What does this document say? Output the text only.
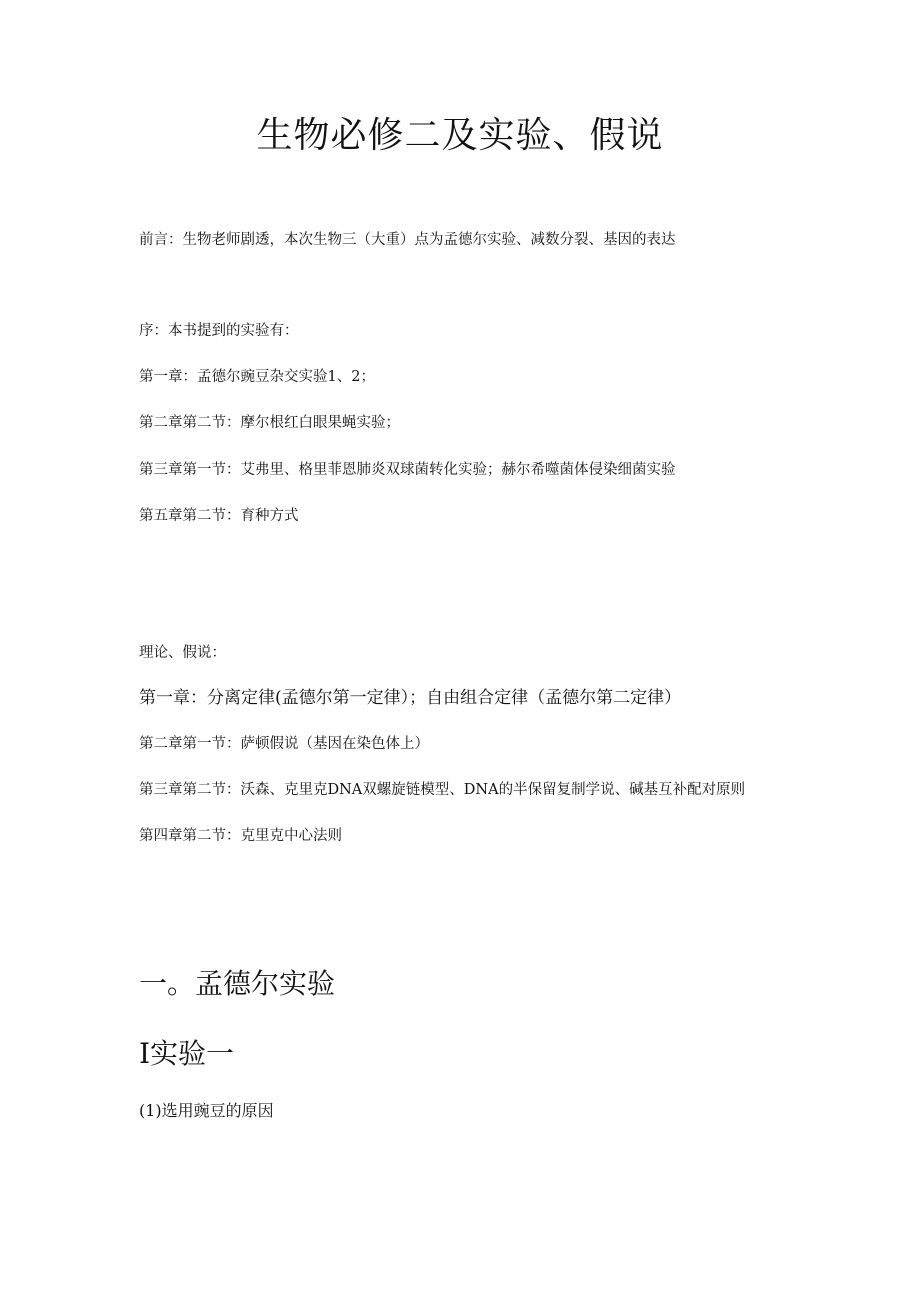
生物必修二及实验、假说
前言：生物老师剧透，本次生物三（大重）点为孟德尔实验、减数分裂、基因的表达
序：本书提到的实验有：
第一章：孟德尔豌豆杂交实验1、2；
第二章第二节：摩尔根红白眼果蝇实验；
第三章第一节：艾弗里、格里菲恩肺炎双球菌转化实验；赫尔希噬菌体侵染细菌实验
第五章第二节：育种方式
理论、假说：
第一章：分离定律(孟德尔第一定律）；自由组合定律（孟德尔第二定律）
第二章第一节：萨顿假说（基因在染色体上）
第三章第二节：沃森、克里克DNA双螺旋链模型、DNA的半保留复制学说、碱基互补配对原则
第四章第二节：克里克中心法则
一。孟德尔实验
Ⅰ实验一
(1)选用豌豆的原因
